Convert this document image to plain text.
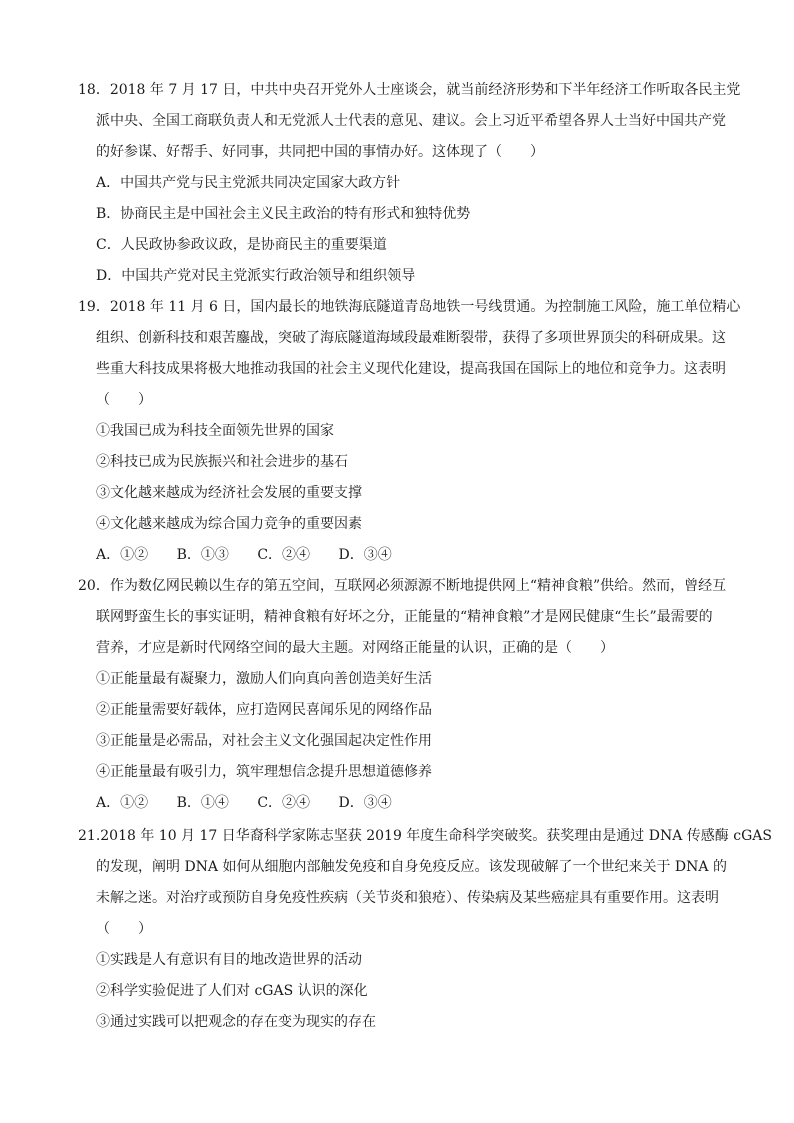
18．2018 年 7 月 17 日，中共中央召开党外人士座谈会，就当前经济形势和下半年经济工作听取各民主党
派中央、全国工商联负责人和无党派人士代表的意见、建议。会上习近平希望各界人士当好中国共产党
的好参谋、好帮手、好同事，共同把中国的事情办好。这体现了（　　）
A．中国共产党与民主党派共同决定国家大政方针
B．协商民主是中国社会主义民主政治的特有形式和独特优势
C．人民政协参政议政，是协商民主的重要渠道
D．中国共产党对民主党派实行政治领导和组织领导
19．2018 年 11 月 6 日，国内最长的地铁海底隧道青岛地铁一号线贯通。为控制施工风险，施工单位精心
组织、创新科技和艰苦鏖战，突破了海底隧道海域段最难断裂带，获得了多项世界顶尖的科研成果。这
些重大科技成果将极大地推动我国的社会主义现代化建设，提高我国在国际上的地位和竞争力。这表明
（　　）
①我国已成为科技全面领先世界的国家
②科技已成为民族振兴和社会进步的基石
③文化越来越成为经济社会发展的重要支撑
④文化越来越成为综合国力竞争的重要因素
A．①② B．①③ C．②④ D．③④
20．作为数亿网民赖以生存的第五空间，互联网必须源源不断地提供网上“精神食粮”供给。然而，曾经互
联网野蛮生长的事实证明，精神食粮有好坏之分，正能量的“精神食粮”才是网民健康“生长”最需要的
营养，才应是新时代网络空间的最大主题。对网络正能量的认识，正确的是（　　）
①正能量最有凝聚力，激励人们向真向善创造美好生活
②正能量需要好载体，应打造网民喜闻乐见的网络作品
③正能量是必需品，对社会主义文化强国起决定性作用
④正能量最有吸引力，筑牢理想信念提升思想道德修养
A．①② B．①④ C．②④ D．③④
21.2018 年 10 月 17 日华裔科学家陈志坚获 2019 年度生命科学突破奖。获奖理由是通过 DNA 传感酶 cGAS
的发现，阐明 DNA 如何从细胞内部触发免疫和自身免疫反应。该发现破解了一个世纪来关于 DNA 的
未解之迷。对治疗或预防自身免疫性疾病（关节炎和狼疮）、传染病及某些癌症具有重要作用。这表明
（　　）
①实践是人有意识有目的地改造世界的活动
②科学实验促进了人们对 cGAS 认识的深化
③通过实践可以把观念的存在变为现实的存在
